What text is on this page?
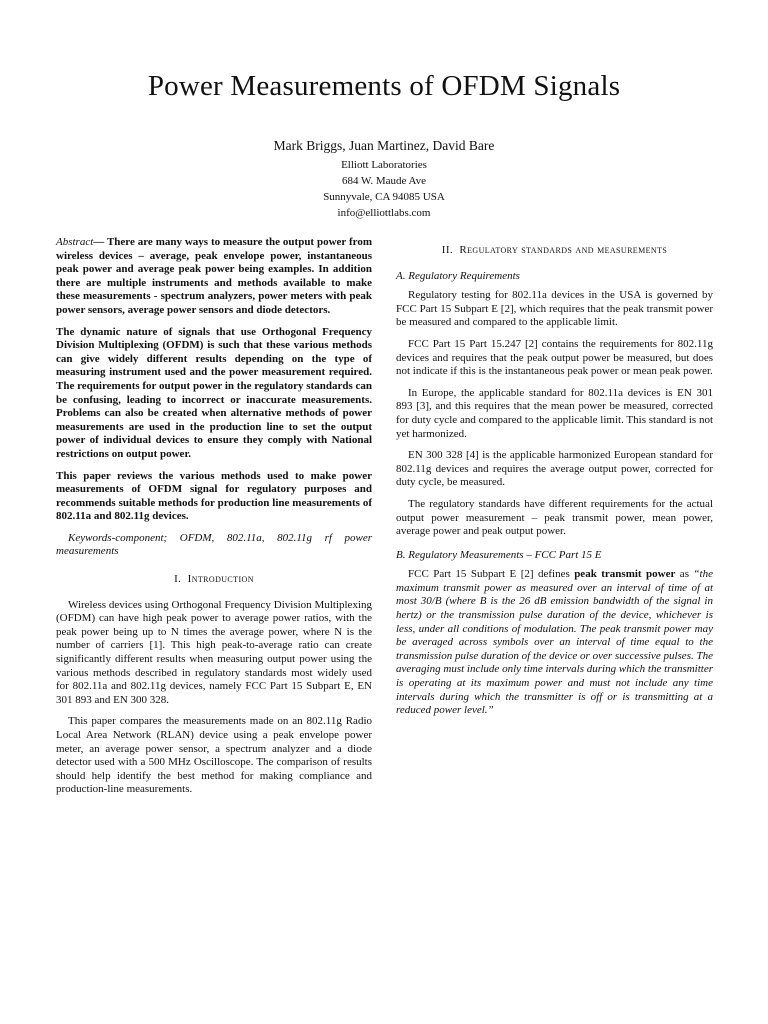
Power Measurements of OFDM Signals
Mark Briggs, Juan Martinez, David Bare
Elliott Laboratories
684 W. Maude Ave
Sunnyvale, CA 94085 USA
info@elliottlabs.com

Abstract— There are many ways to measure the output power from wireless devices – average, peak envelope power, instantaneous peak power and average peak power being examples. In addition there are multiple instruments and methods available to make these measurements - spectrum analyzers, power meters with peak power sensors, average power sensors and diode detectors.

The dynamic nature of signals that use Orthogonal Frequency Division Multiplexing (OFDM) is such that these various methods can give widely different results depending on the type of measuring instrument used and the power measurement required. The requirements for output power in the regulatory standards can be confusing, leading to incorrect or inaccurate measurements. Problems can also be created when alternative methods of power measurements are used in the production line to set the output power of individual devices to ensure they comply with National restrictions on output power.

This paper reviews the various methods used to make power measurements of OFDM signal for regulatory purposes and recommends suitable methods for production line measurements of 802.11a and 802.11g devices.

Keywords-component; OFDM, 802.11a, 802.11g rf power measurements

I. Introduction

Wireless devices using Orthogonal Frequency Division Multiplexing (OFDM) can have high peak power to average power ratios, with the peak power being up to N times the average power, where N is the number of carriers [1]. This high peak-to-average ratio can create significantly different results when measuring output power using the various methods described in regulatory standards most widely used for 802.11a and 802.11g devices, namely FCC Part 15 Subpart E, EN 301 893 and EN 300 328.

This paper compares the measurements made on an 802.11g Radio Local Area Network (RLAN) device using a peak envelope power meter, an average power sensor, a spectrum analyzer and a diode detector used with a 500 MHz Oscilloscope. The comparison of results should help identify the best method for making compliance and production-line measurements.

II. Regulatory standards and measurements
A. Regulatory Requirements

Regulatory testing for 802.11a devices in the USA is governed by FCC Part 15 Subpart E [2], which requires that the peak transmit power be measured and compared to the applicable limit.

FCC Part 15 Part 15.247 [2] contains the requirements for 802.11g devices and requires that the peak output power be measured, but does not indicate if this is the instantaneous peak power or mean peak power.

In Europe, the applicable standard for 802.11a devices is EN 301 893 [3], and this requires that the mean power be measured, corrected for duty cycle and compared to the applicable limit. This standard is not yet harmonized.

EN 300 328 [4] is the applicable harmonized European standard for 802.11g devices and requires the average output power, corrected for duty cycle, be measured.

The regulatory standards have different requirements for the actual output power measurement – peak transmit power, mean power, average power and peak output power.

B. Regulatory Measurements – FCC Part 15 E

FCC Part 15 Subpart E [2] defines peak transmit power as “the maximum transmit power as measured over an interval of time of at most 30/B (where B is the 26 dB emission bandwidth of the signal in hertz) or the transmission pulse duration of the device, whichever is less, under all conditions of modulation. The peak transmit power may be averaged across symbols over an interval of time equal to the transmission pulse duration of the device or over successive pulses. The averaging must include only time intervals during which the transmitter is operating at its maximum power and must not include any time intervals during which the transmitter is off or is transmitting at a reduced power level.”
